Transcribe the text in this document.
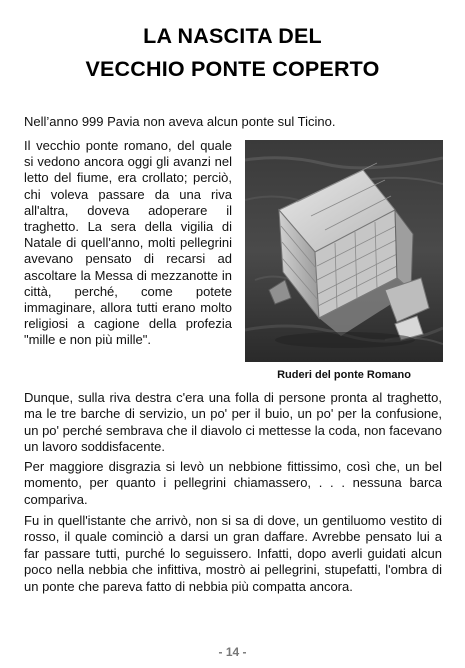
LA NASCITA DEL
VECCHIO PONTE COPERTO
Nell’anno 999 Pavia non aveva alcun ponte sul Ticino.
Il vecchio ponte romano, del quale si vedono ancora oggi gli avanzi nel letto del fiume, era crollato; perciò, chi voleva passare da una riva all'altra, doveva adoperare il traghetto. La sera della vigilia di Natale di quell'anno, molti pellegrini avevano pensato di recarsi ad ascoltare la Messa di mezzanotte in città, perché, come potete immaginare, allora tutti erano molto religiosi a cagione della profezia "mille e non più mille".
Ruderi del ponte Romano
Dunque, sulla riva destra c'era una folla di persone pronta al traghetto, ma le tre barche di servizio, un po' per il buio, un po' per la confusione, un po' perché sembrava che il diavolo ci mettesse la coda, non facevano un lavoro soddisfacente.
Per maggiore disgrazia si levò un nebbione fittissimo, così che, un bel momento, per quanto i pellegrini chiamassero, . . . nessuna barca compariva.
Fu in quell'istante che arrivò, non si sa di dove, un gentiluomo vestito di rosso, il quale cominciò a darsi un gran daffare. Avrebbe pensato lui a far passare tutti, purché lo seguissero. Infatti, dopo averli guidati alcun poco nella nebbia che infittiva, mostrò ai pellegrini, stupefatti, l'ombra di un ponte che pareva fatto di nebbia più compatta ancora.
- 14 -
